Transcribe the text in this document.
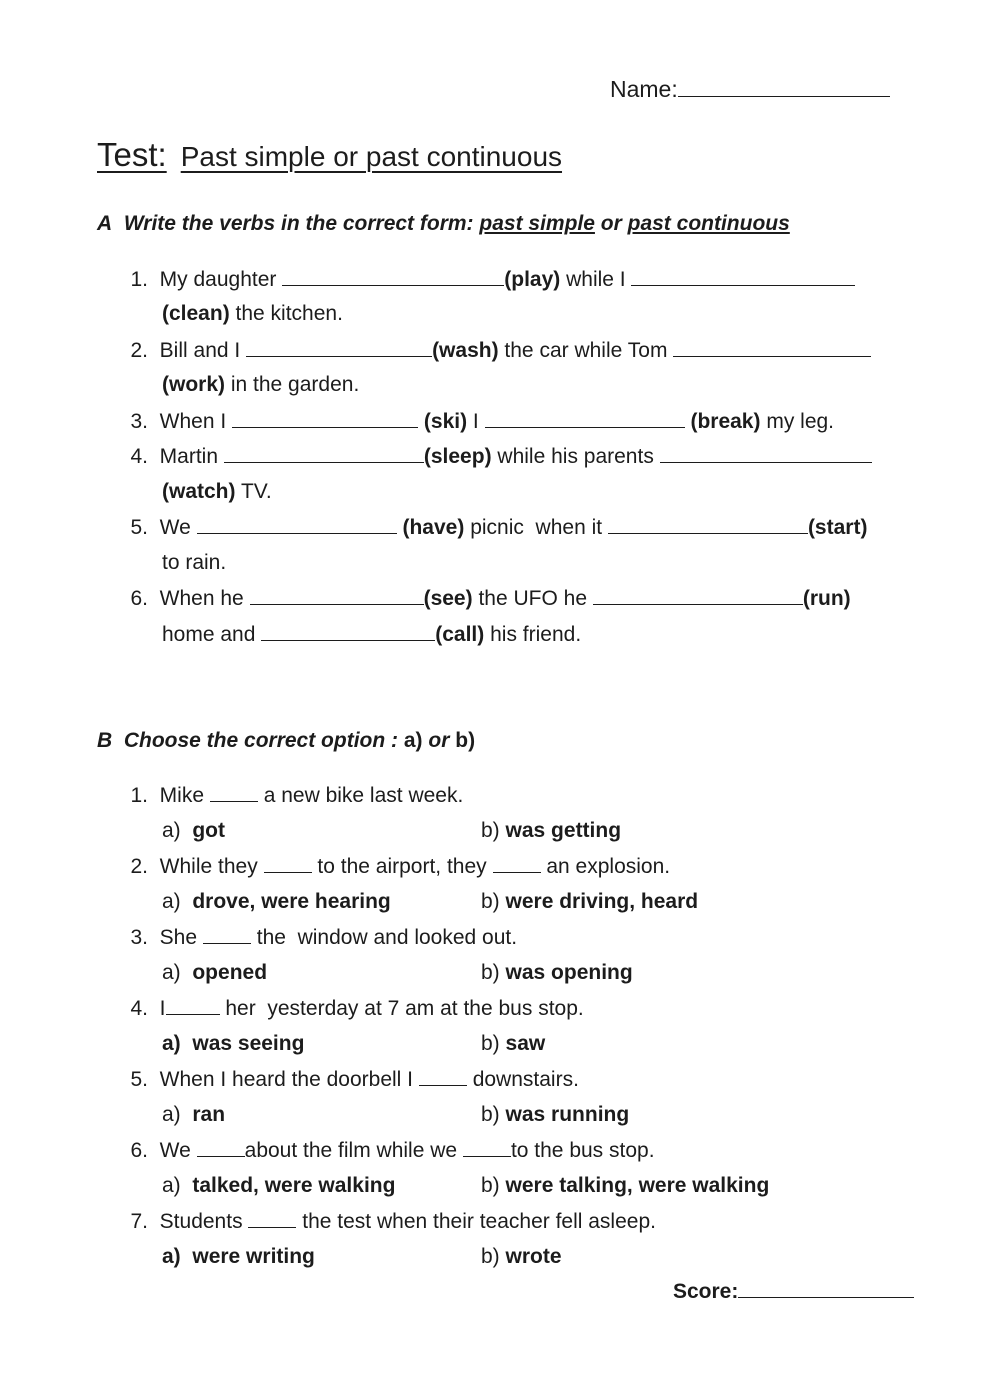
Name:
Test: Past simple or past continuous
A Write the verbs in the correct form: past simple or past continuous
1. My daughter	(play) while I
(clean) the kitchen.
2. Bill and I	(wash) the car while Tom
(work) in the garden.
3. When I	(ski) I	(break) my leg.
4. Martin	(sleep) while his parents
(watch) TV.
5. We	(have) picnic  when it	(start)
to rain.
6. When he	(see) the UFO he	(run)
home and	(call) his friend.
B Choose the correct option : a) or b)
1. Mike	a new bike last week.
a) got	b) was getting
2. While they	to the airport, they	an explosion.
a) drove, were hearing	b) were driving, heard
3. She	the  window and looked out.
a) opened	b) was opening
4. I	her  yesterday at 7 am at the bus stop.
a) was seeing	b) saw
5. When I heard the doorbell I	downstairs.
a) ran	b) was running
6. We	about the film while we	to the bus stop.
a) talked, were walking	b) were talking, were walking
7. Students	the test when their teacher fell asleep.
a) were writing	b) wrote
Score:
